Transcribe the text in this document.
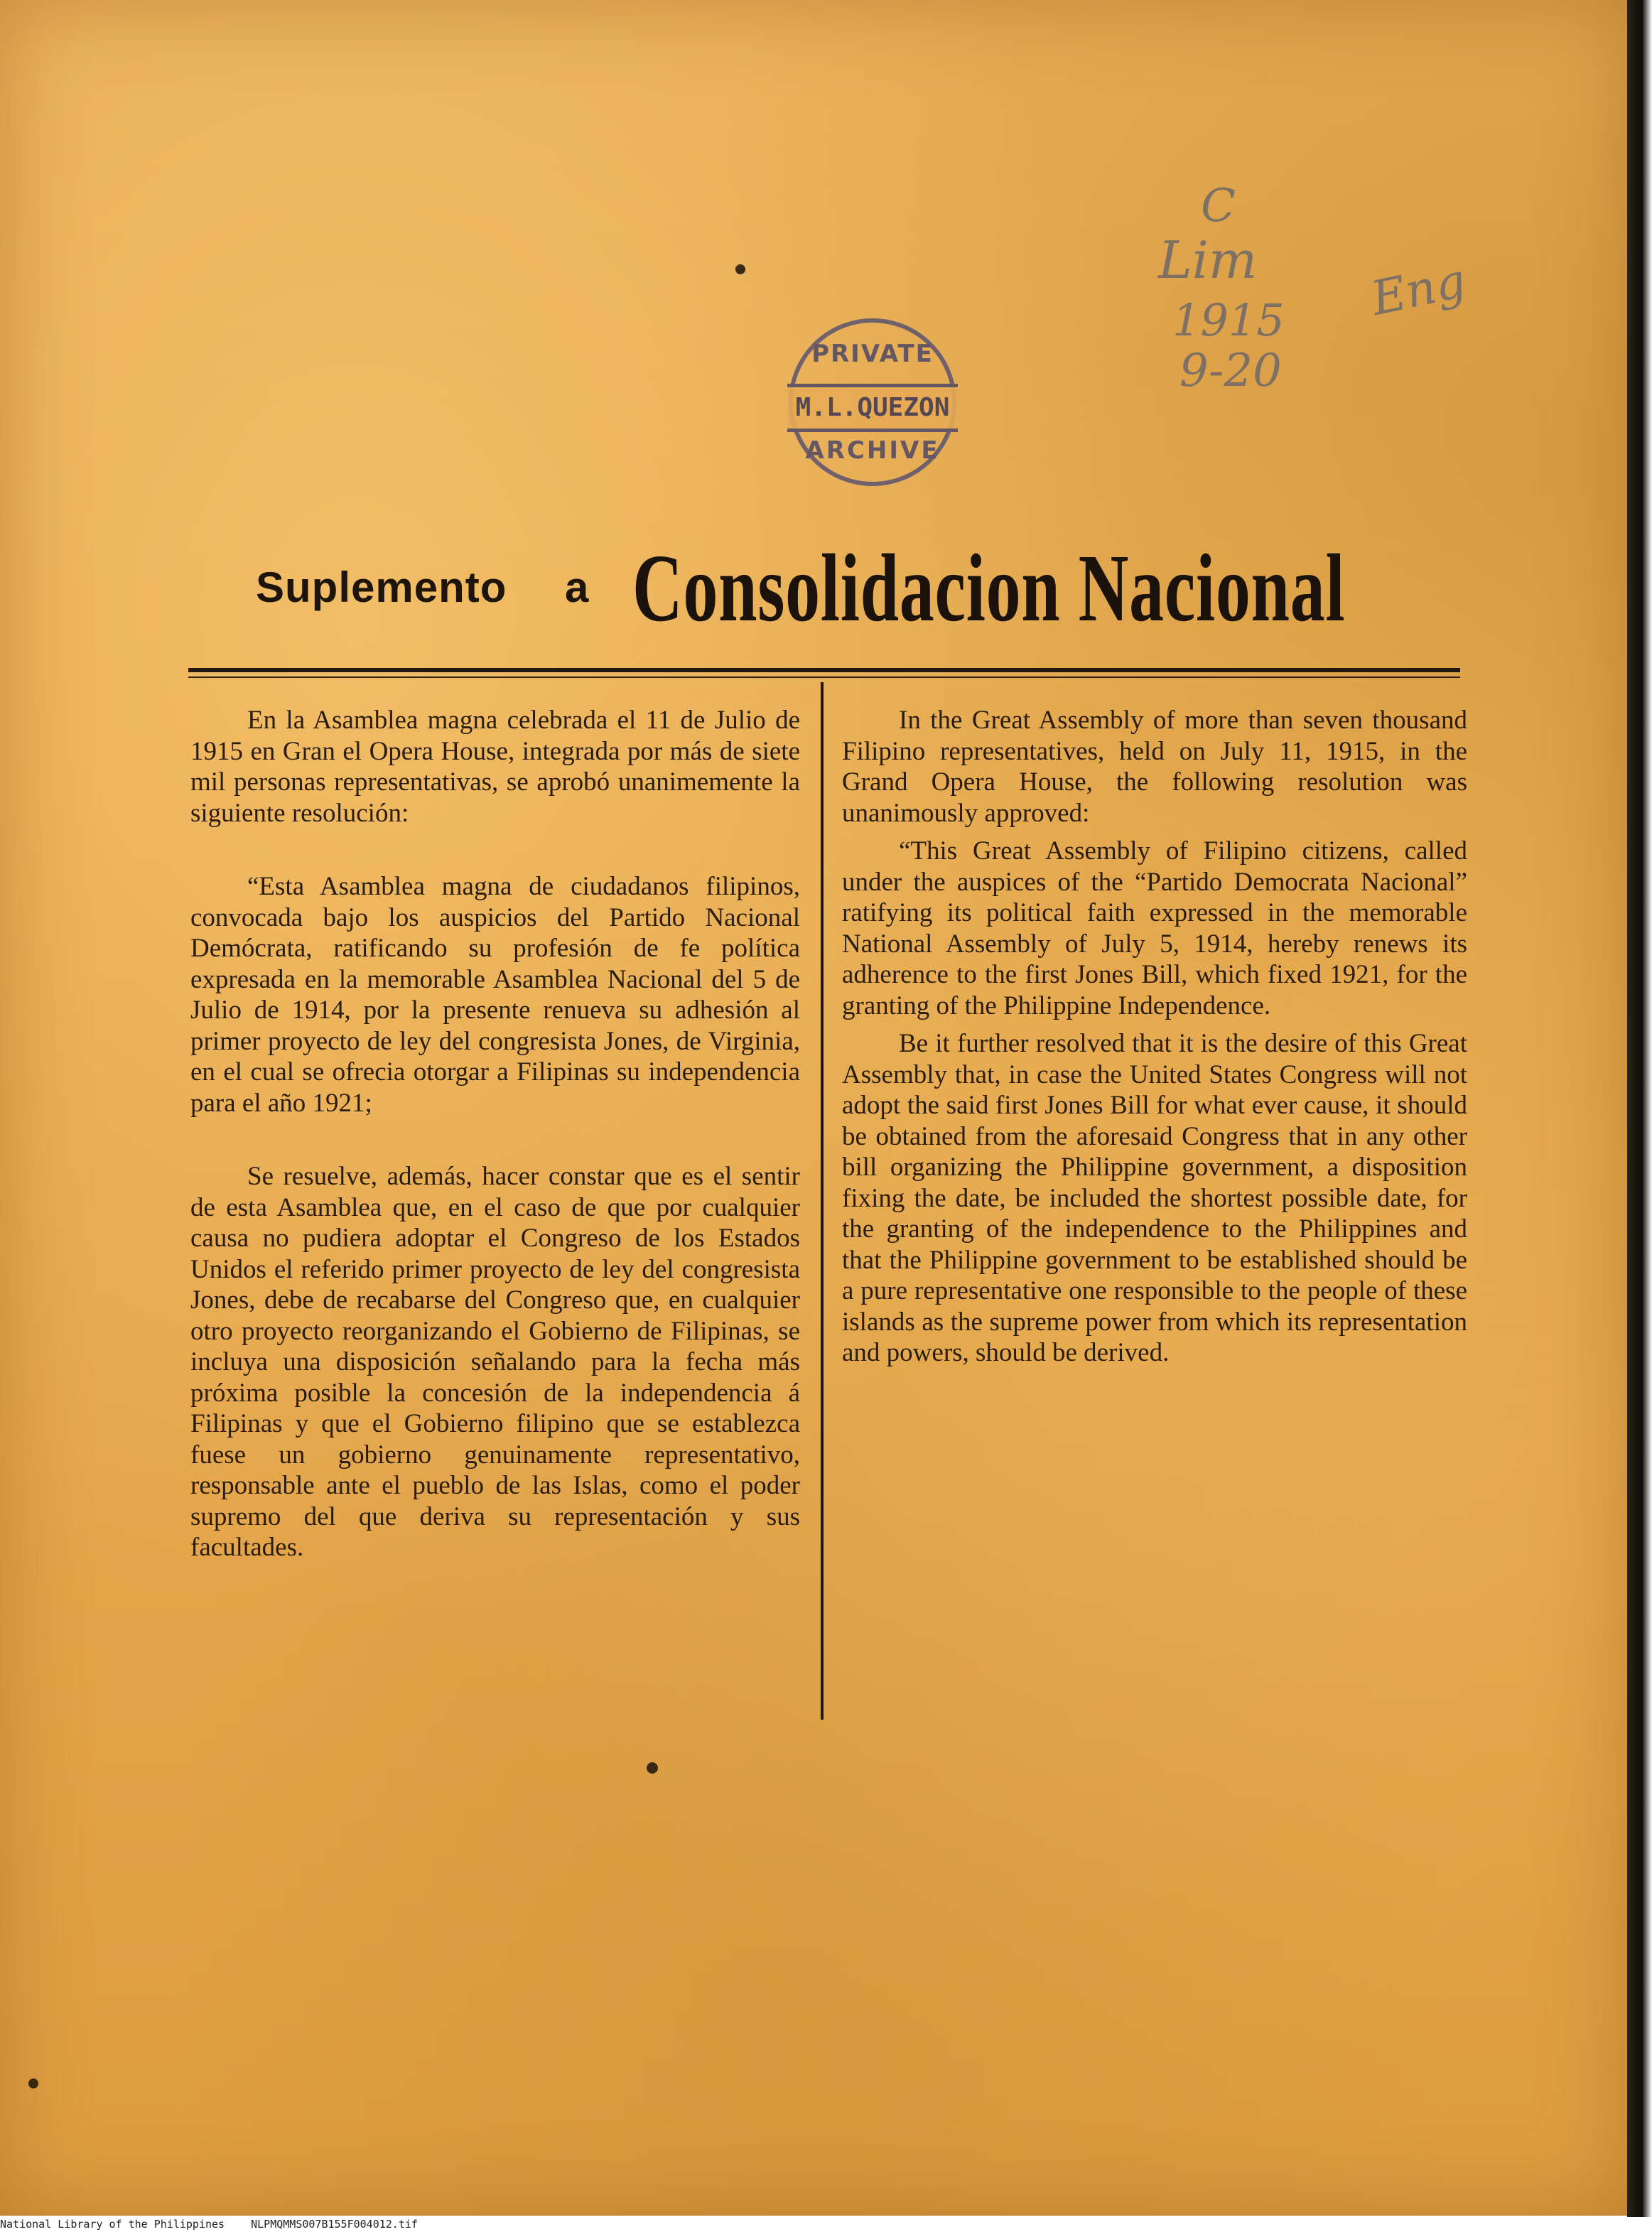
PRIVATE
M.L.QUEZON
ARCHIVE
C
Lim
1915
9-20
Eng
Suplemento a Consolidacion Nacional

En la Asamblea magna celebrada el 11 de Julio de 1915 en Gran el Opera House, integrada por más de siete mil personas representativas, se aprobó unanimemente la siguiente resolución:

“Esta Asamblea magna de ciudadanos filipinos, convocada bajo los auspicios del Partido Nacional Demócrata, ratificando su profesión de fe política expresada en la memorable Asamblea Nacional del 5 de Julio de 1914, por la presente renueva su adhesión al primer proyecto de ley del congresista Jones, de Virginia, en el cual se ofrecia otorgar a Filipinas su independencia para el año 1921;

Se resuelve, además, hacer constar que es el sentir de esta Asamblea que, en el caso de que por cualquier causa no pudiera adoptar el Congreso de los Estados Unidos el referido primer proyecto de ley del congresista Jones, debe de recabarse del Congreso que, en cualquier otro proyecto reorganizando el Gobierno de Filipinas, se incluya una disposición señalando para la fecha más próxima posible la concesión de la independencia á Filipinas y que el Gobierno filipino que se establezca fuese un gobierno genuinamente representativo, responsable ante el pueblo de las Islas, como el poder supremo del que deriva su representación y sus facultades.

In the Great Assembly of more than seven thousand Filipino representatives, held on July 11, 1915, in the Grand Opera House, the following resolution was unanimously approved:

“This Great Assembly of Filipino citizens, called under the auspices of the “Partido Democrata Nacional” ratifying its political faith expressed in the memorable National Assembly of July 5, 1914, hereby renews its adherence to the first Jones Bill, which fixed 1921, for the granting of the Philippine Independence.

Be it further resolved that it is the desire of this Great Assembly that, in case the United States Congress will not adopt the said first Jones Bill for what ever cause, it should be obtained from the aforesaid Congress that in any other bill organizing the Philippine government, a disposition fixing the date, be included the shortest possible date, for the granting of the independence to the Philippines and that the Philippine government to be established should be a pure representative one responsible to the people of these islands as the supreme power from which its representation and powers, should be derived.

National Library of the Philippines NLPMQMMS007B155F004012.tif
